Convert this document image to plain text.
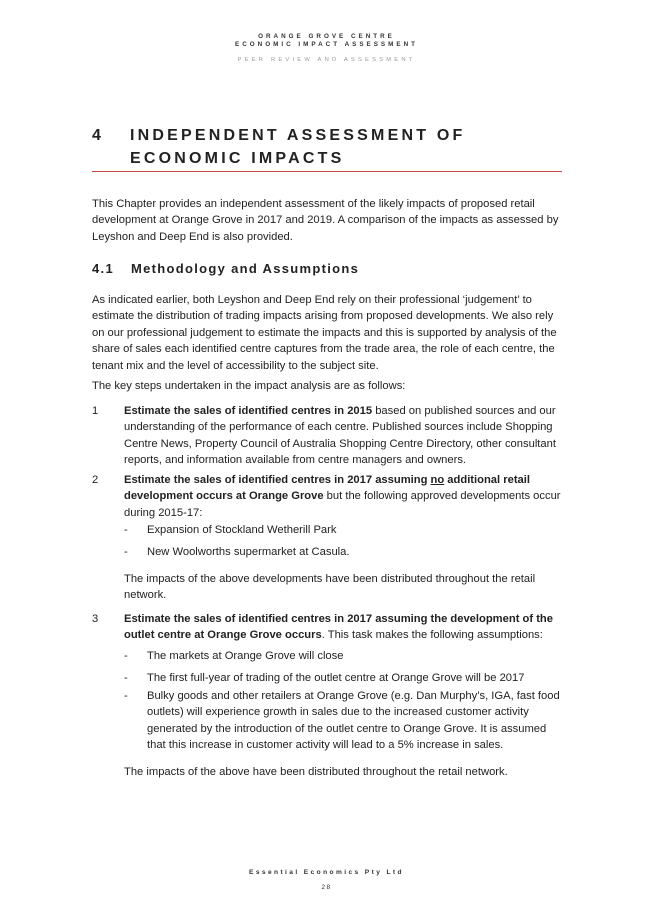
ORANGE GROVE CENTRE
ECONOMIC IMPACT ASSESSMENT
PEER REVIEW AND ASSESSMENT
4 INDEPENDENT ASSESSMENT OF ECONOMIC IMPACTS

This Chapter provides an independent assessment of the likely impacts of proposed retail development at Orange Grove in 2017 and 2019. A comparison of the impacts as assessed by Leyshon and Deep End is also provided.

4.1 Methodology and Assumptions

As indicated earlier, both Leyshon and Deep End rely on their professional ‘judgement’ to estimate the distribution of trading impacts arising from proposed developments. We also rely on our professional judgement to estimate the impacts and this is supported by analysis of the share of sales each identified centre captures from the trade area, the role of each centre, the tenant mix and the level of accessibility to the subject site.

The key steps undertaken in the impact analysis are as follows:

1 Estimate the sales of identified centres in 2015 based on published sources and our understanding of the performance of each centre. Published sources include Shopping Centre News, Property Council of Australia Shopping Centre Directory, other consultant reports, and information available from centre managers and owners.
2 Estimate the sales of identified centres in 2017 assuming no additional retail development occurs at Orange Grove but the following approved developments occur during 2015-17:
- Expansion of Stockland Wetherill Park
- New Woolworths supermarket at Casula.

The impacts of the above developments have been distributed throughout the retail network.

3 Estimate the sales of identified centres in 2017 assuming the development of the outlet centre at Orange Grove occurs. This task makes the following assumptions:
- The markets at Orange Grove will close
- The first full-year of trading of the outlet centre at Orange Grove will be 2017
- Bulky goods and other retailers at Orange Grove (e.g. Dan Murphy’s, IGA, fast food outlets) will experience growth in sales due to the increased customer activity generated by the introduction of the outlet centre to Orange Grove. It is assumed that this increase in customer activity will lead to a 5% increase in sales.

The impacts of the above have been distributed throughout the retail network.

Essential Economics Pty Ltd
28
